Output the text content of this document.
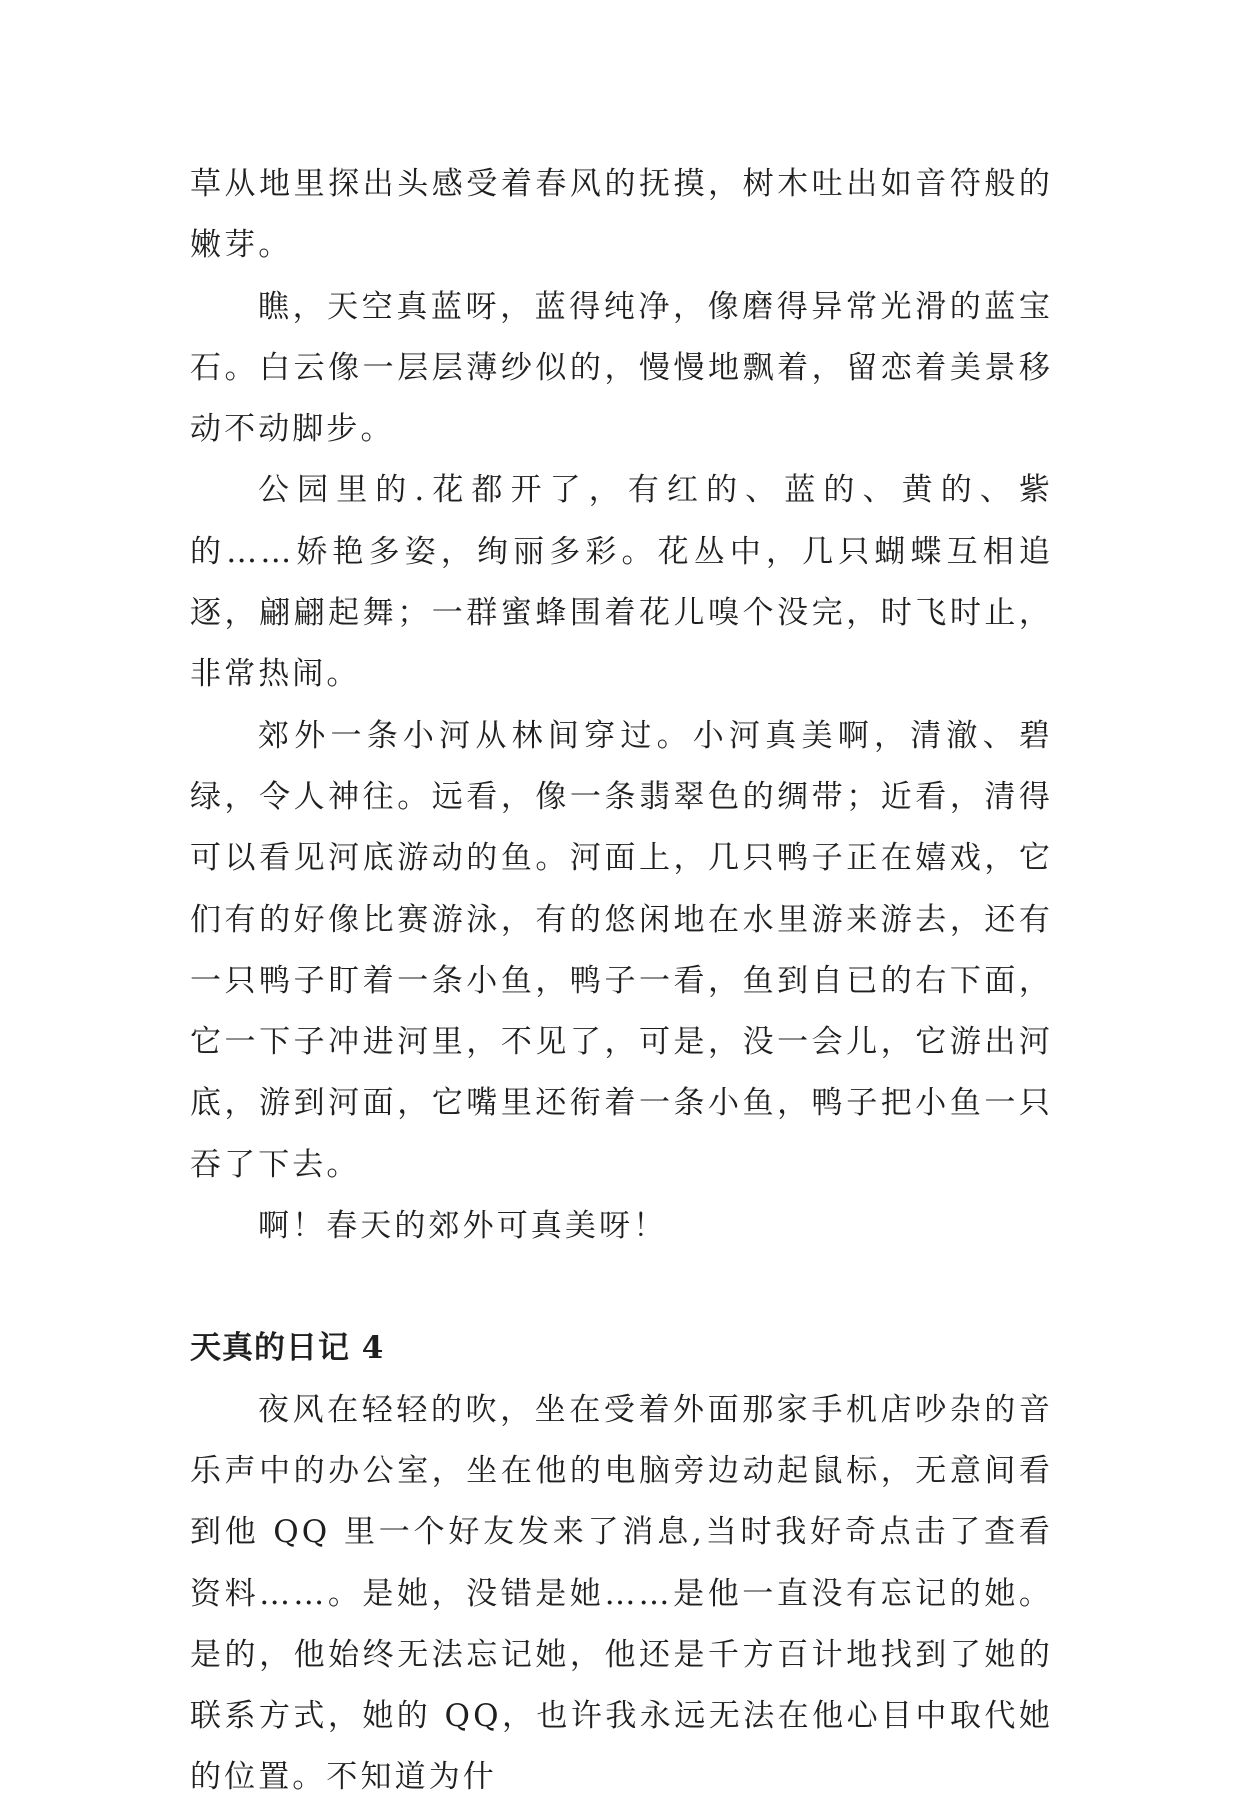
草从地里探出头感受着春风的抚摸，树木吐出如音符般的嫩芽。

瞧，天空真蓝呀，蓝得纯净，像磨得异常光滑的蓝宝石。白云像一层层薄纱似的，慢慢地飘着，留恋着美景移动不动脚步。

公园里的.花都开了，有红的、蓝的、黄的、紫的……娇艳多姿，绚丽多彩。花丛中，几只蝴蝶互相追逐，翩翩起舞；一群蜜蜂围着花儿嗅个没完，时飞时止，非常热闹。

郊外一条小河从林间穿过。小河真美啊，清澈、碧绿，令人神往。远看，像一条翡翠色的绸带；近看，清得可以看见河底游动的鱼。河面上，几只鸭子正在嬉戏，它们有的好像比赛游泳，有的悠闲地在水里游来游去，还有一只鸭子盯着一条小鱼，鸭子一看，鱼到自已的右下面，它一下子冲进河里，不见了，可是，没一会儿，它游出河底，游到河面，它嘴里还衔着一条小鱼，鸭子把小鱼一只吞了下去。

啊！春天的郊外可真美呀！

天真的日记 4

夜风在轻轻的吹，坐在受着外面那家手机店吵杂的音乐声中的办公室，坐在他的电脑旁边动起鼠标，无意间看到他 QQ 里一个好友发来了消息,当时我好奇点击了查看资料……。是她，没错是她……是他一直没有忘记的她。是的，他始终无法忘记她，他还是千方百计地找到了她的联系方式，她的 QQ，也许我永远无法在他心目中取代她的位置。不知道为什
